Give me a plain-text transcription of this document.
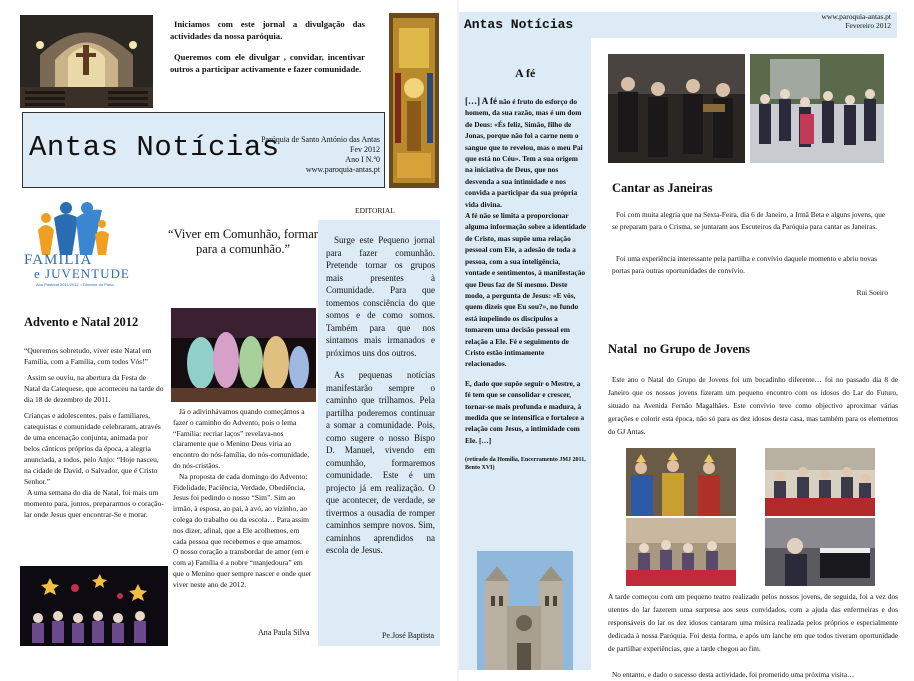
Iniciamos com este jornal a divulgação das actividades da nossa paróquia.
Queremos com ele divulgar , convidar, incentivar outros a participar activamente e fazer comunidade.
Antas Notícias
Paróquia de Santo António das Antas
Fev 2012
Ano I N.º0
www.paroquia-antas.pt
FAMÍLIA
e JUVENTUDE
Ano Pastoral 2011/2012 :: Diocese do Porto
EDITORIAL
“Viver em Comunhão, formar para a comunhão.”
Advento e Natal 2012
“Queremos sobretudo, viver este Natal em Família, com a Família, com todos Vós!”
Assim se ouviu, na abertura da Festa de Natal da Catequese, que aconteceu na tarde do dia 18 de dezembro de 2011.
Crianças e adolescentes, pais e familiares, catequistas e comunidade celebraram, através de uma encenação conjunta, animada por belos cânticos próprios da época, a alegria anunciada, a todos, pelo Anjo: “Hoje nasceu, na cidade de David, o Salvador, que é Cristo Senhor.”
A uma semana do dia de Natal, foi mais um momento para, juntos, prepararmos o coração-lar onde Jesus quer encontrar-Se e morar.
Já o adivinhávamos quando começámos a fazer o caminho do Advento, pois o lema “Família: recriar laços” revelava-nos claramente que o Menino Deus viria ao encontro do nós-família, do nós-comunidade, do nós-cristãos.
Na proposta de cada domingo do Advento: Fidelidade, Paciência, Verdade, Obediência, Jesus foi pedindo o nosso “Sim”. Sim ao irmão, à esposa, ao pai, à avó, ao vizinho, ao colega do trabalho ou da escola… Para assim nos dizer, afinal, que a Ele acolhemos, em cada pessoa que recebemos e que amamos.
O nosso coração a transbordar de amor (em e com a) Família é a nobre “manjedoura” em que o Menino quer sempre nascer e onde quer viver neste ano de 2012.
Ana Paula Silva
Surge este Pequeno jornal para fazer comunhão. Pretende tornar os grupos mais presentes à Comunidade. Para que tomemos consciência do que somos e de como somos. Também para que nos sintamos mais irmanados e próximos uns dos outros.
As pequenas notícias manifestarão sempre o caminho que trilhamos. Pela partilha poderemos continuar a somar a comunidade. Pois, como sugere o nosso Bispo D. Manuel, vivendo em comunhão, formaremos comunidade. Este é um projecto já em realização. O que acontecer, de verdade, se tivermos a ousadia de romper caminhos sempre novos. Sim, caminhos aprendidos na escola de Jesus.
Pe.José Baptista
Antas Notícias
www.paroquia-antas.pt
Fevereiro 2012
A fé
[…] A fé não é fruto do esforço do homem, da sua razão, mas é um dom de Deus: «És feliz, Simão, filho de Jonas, porque não foi a carne nem o sangue que to revelou, mas o meu Pai que está no Céu». Tem a sua origem na iniciativa de Deus, que nos desvenda a sua intimidade e nos convida a participar da sua própria vida divina.
A fé não se limita a proporcionar alguma informação sobre a identidade de Cristo, mas supõe uma relação pessoal com Ele, a adesão de toda a pessoa, com a sua inteligência, vontade e sentimentos, à manifestação que Deus faz de Si mesmo. Deste modo, a pergunta de Jesus: «E vós, quem dizeis que Eu sou?», no fundo está impelindo os discípulos a tomarem uma decisão pessoal em relação a Ele. Fé e seguimento de Cristo estão intimamente relacionados.
E, dado que supõe seguir o Mestre, a fé tem que se consolidar e crescer, tornar-se mais profunda e madura, à medida que se intensifica e fortalece a relação com Jesus, a intimidade com Ele. […]
(retirado da Homilia, Encerramento JMJ 2011, Bento XVI)
Cantar as Janeiras
Foi com muita alegria que na Sexta-Feira, dia 6 de Janeiro, a Irmã Beta e alguns jovens, que se preparam para o Crisma, se juntaram aos Escuteiros da Paróquia para cantar as Janeiras.
Foi uma experiência interessante pela partilha e convívio daquele momento e abriu novas portas para outras oportunidades de convívio.
Rui Soeiro
Natal  no Grupo de Jovens
Este ano o Natal do Grupo de Jovens foi um bocadinho diferente… foi no passado dia 8 de Janeiro que os nossos jovens fizeram um pequeno encontro com os idosos do Lar do Futuro, situado na Avenida Fernão Magalhães. Este convívio teve como objectivo aproximar várias gerações e colorir esta época, não só para os dez idosos desta casa, mas também para os elementos do GJ Antas.
A tarde começou com um pequeno teatro realizado pelos nossos jovens, de seguida, foi a vez dos utentes do lar fazerem uma surpresa aos seus convidados, com a ajuda das enfermeiras e dos responsáveis do lar os dez idosos cantaram uma música realizada pelos próprios e especialmente dedicada à nossa Paróquia. Foi desta forma, e após um lanche em que todos tiveram oportunidade de partilhar experiências, que a tarde chegou ao fim.
No entanto, e dado o sucesso desta actividade, foi prometido uma próxima visita…
